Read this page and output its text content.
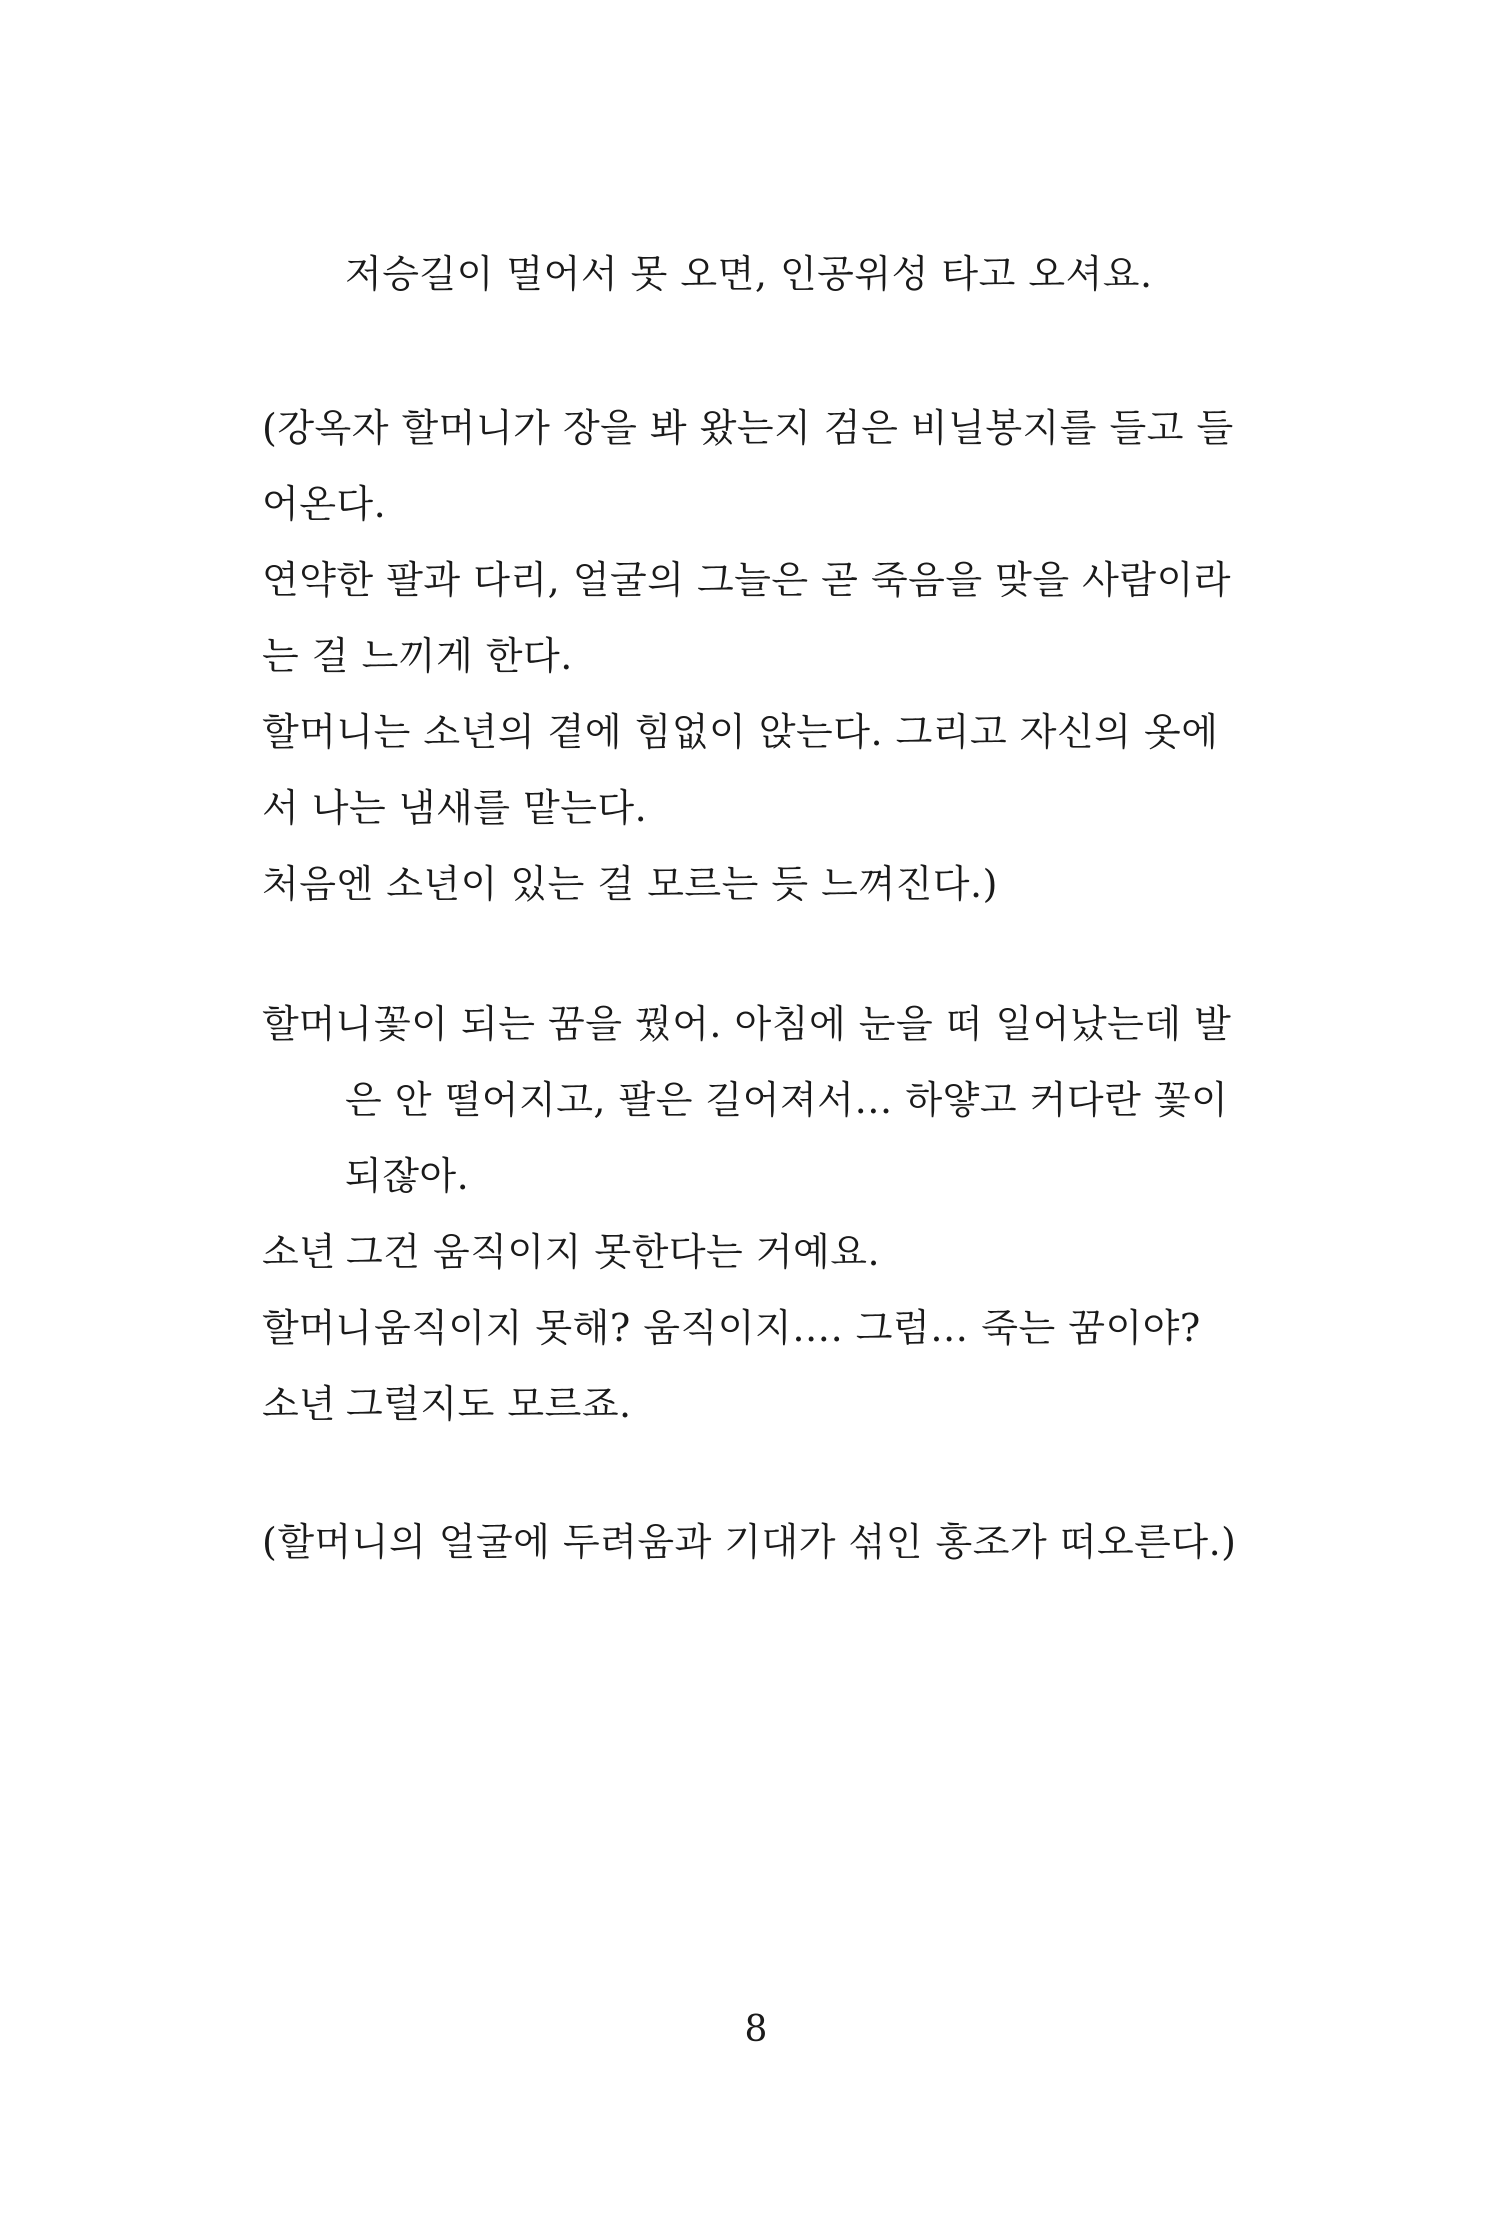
저승길이 멀어서 못 오면, 인공위성 타고 오셔요.
(강옥자 할머니가 장을 봐 왔는지 검은 비닐봉지를 들고 들
어온다.
연약한 팔과 다리, 얼굴의 그늘은 곧 죽음을 맞을 사람이라
는 걸 느끼게 한다.
할머니는 소년의 곁에 힘없이 앉는다. 그리고 자신의 옷에
서 나는 냄새를 맡는다.
처음엔 소년이 있는 걸 모르는 듯 느껴진다.)
할머니 꽃이 되는 꿈을 꿨어. 아침에 눈을 떠 일어났는데 발
은 안 떨어지고, 팔은 길어져서… 하얗고 커다란 꽃이
되잖아.
소년 그건 움직이지 못한다는 거예요.
할머니 움직이지 못해? 움직이지…. 그럼… 죽는 꿈이야?
소년 그럴지도 모르죠.
(할머니의 얼굴에 두려움과 기대가 섞인 홍조가 떠오른다.)
8
